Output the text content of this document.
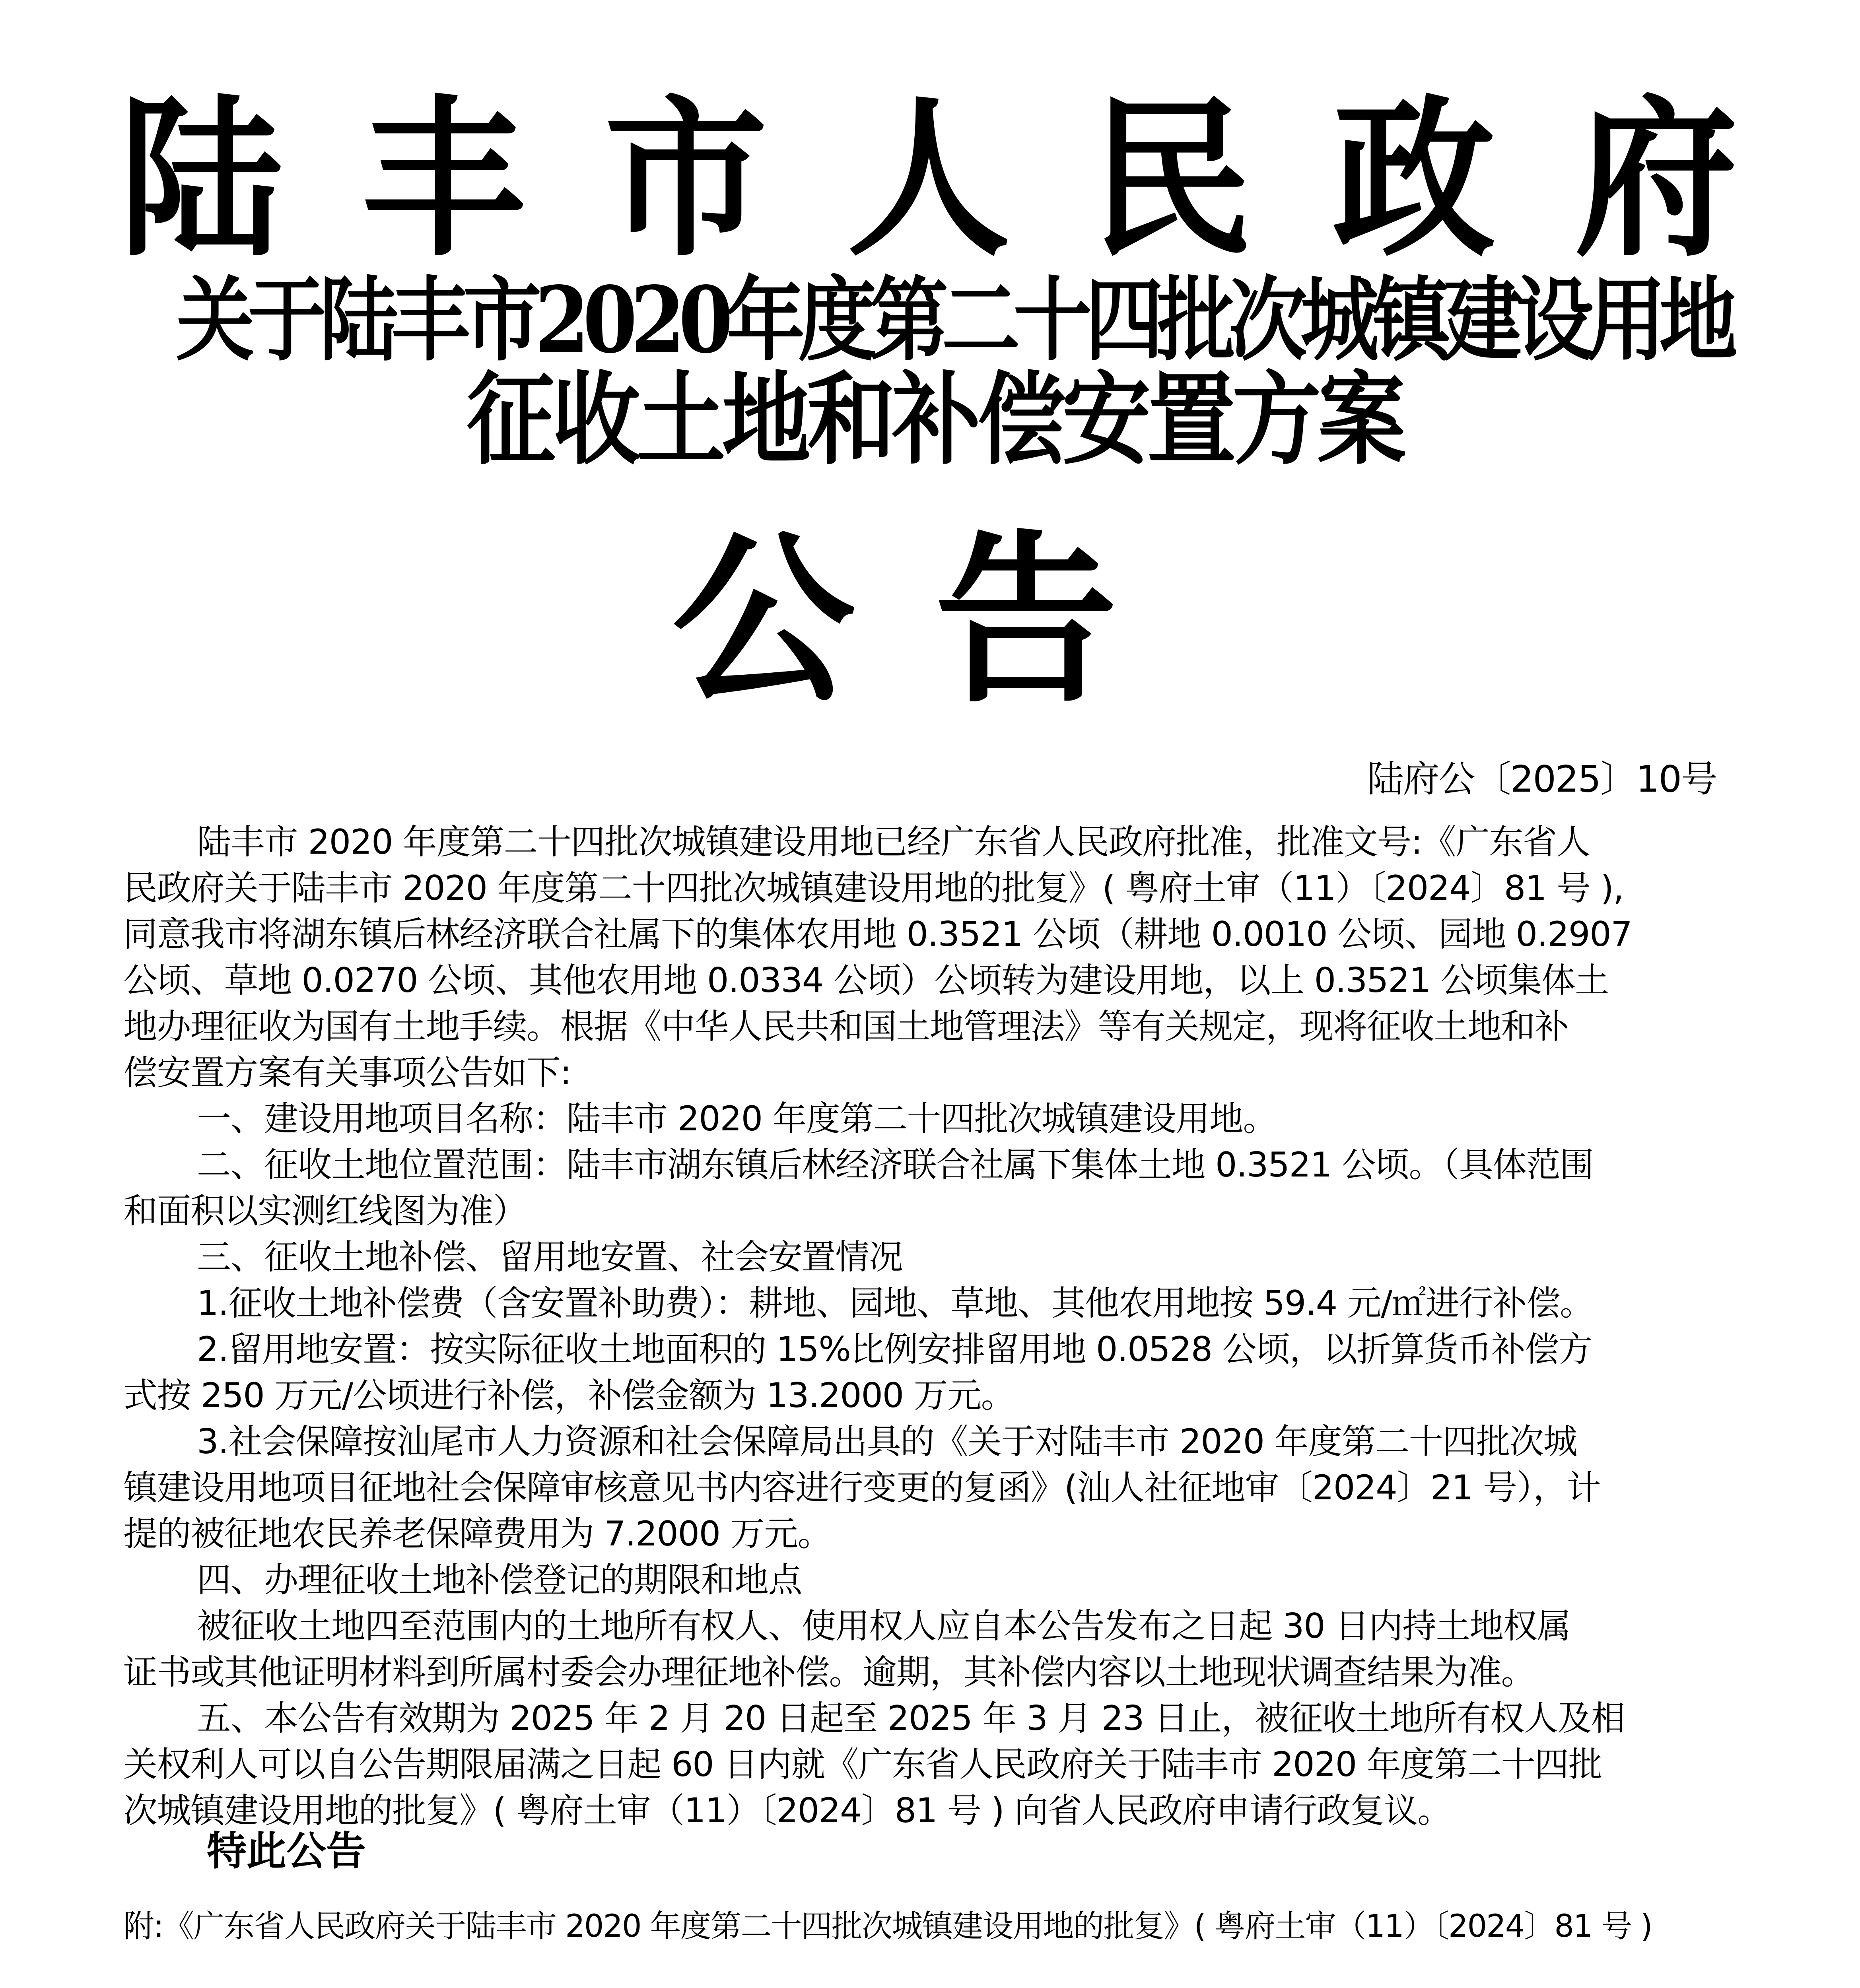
陆丰市人民政府
关于陆丰市2020年度第二十四批次城镇建设用地
征收土地和补偿安置方案
公告
陆府公〔2025〕10号
陆丰市 2020 年度第二十四批次城镇建设用地已经广东省人民政府批准，批准文号:《广东省人
民政府关于陆丰市 2020 年度第二十四批次城镇建设用地的批复》( 粤府土审（11）〔2024〕81 号 ),
同意我市将湖东镇后林经济联合社属下的集体农用地 0.3521 公顷（耕地 0.0010 公顷、园地 0.2907
公顷、草地 0.0270 公顷、其他农用地 0.0334 公顷）公顷转为建设用地，以上 0.3521 公顷集体土
地办理征收为国有土地手续。根据《中华人民共和国土地管理法》等有关规定，现将征收土地和补
偿安置方案有关事项公告如下:
一、建设用地项目名称：陆丰市 2020 年度第二十四批次城镇建设用地。
二、征收土地位置范围：陆丰市湖东镇后林经济联合社属下集体土地 0.3521 公顷。（具体范围
和面积以实测红线图为准）
三、征收土地补偿、留用地安置、社会安置情况
1.征收土地补偿费（含安置补助费）：耕地、园地、草地、其他农用地按 59.4 元/㎡进行补偿。
2.留用地安置：按实际征收土地面积的 15%比例安排留用地 0.0528 公顷，以折算货币补偿方
式按 250 万元/公顷进行补偿，补偿金额为 13.2000 万元。
3.社会保障按汕尾市人力资源和社会保障局出具的《关于对陆丰市 2020 年度第二十四批次城
镇建设用地项目征地社会保障审核意见书内容进行变更的复函》(汕人社征地审〔2024〕21 号），计
提的被征地农民养老保障费用为 7.2000 万元。
四、办理征收土地补偿登记的期限和地点
被征收土地四至范围内的土地所有权人、使用权人应自本公告发布之日起 30 日内持土地权属
证书或其他证明材料到所属村委会办理征地补偿。逾期，其补偿内容以土地现状调查结果为准。
五、本公告有效期为 2025 年 2 月 20 日起至 2025 年 3 月 23 日止，被征收土地所有权人及相
关权利人可以自公告期限届满之日起 60 日内就《广东省人民政府关于陆丰市 2020 年度第二十四批
次城镇建设用地的批复》( 粤府土审（11）〔2024〕81 号 ) 向省人民政府申请行政复议。
特此公告
附:《广东省人民政府关于陆丰市 2020 年度第二十四批次城镇建设用地的批复》( 粤府土审（11）〔2024〕81 号 )
